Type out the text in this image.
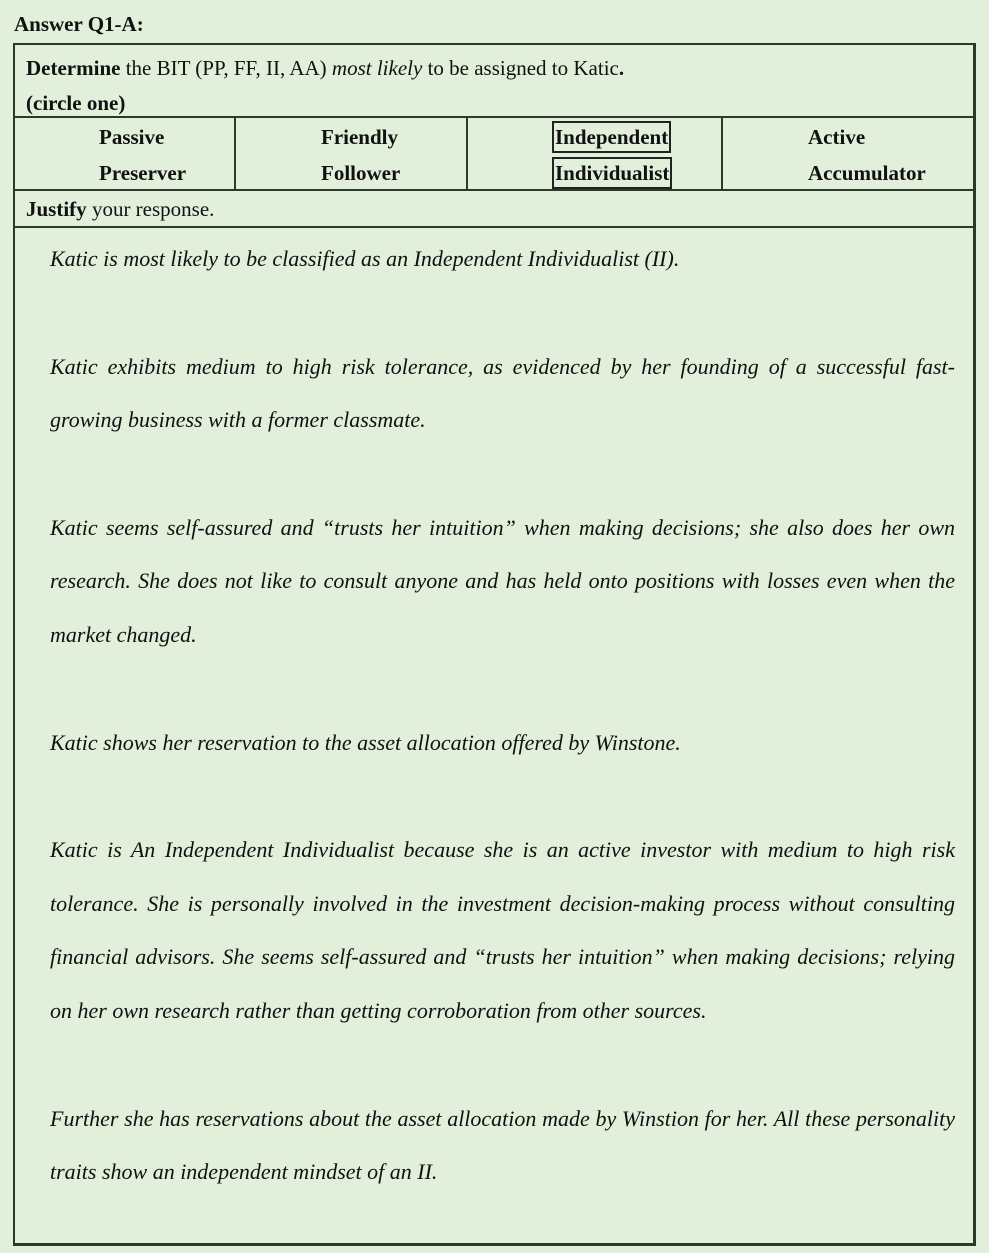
Answer Q1-A:
Determine the BIT (PP, FF, II, AA) most likely to be assigned to Katic.
(circle one)
Passive
Preserver
Friendly
Follower
Independent
Individualist
Active
Accumulator
Justify your response.

Katic is most likely to be classified as an Independent Individualist (II).

Katic exhibits medium to high risk tolerance, as evidenced by her founding of a successful fast-growing business with a former classmate.

Katic seems self-assured and “trusts her intuition” when making decisions; she also does her own research. She does not like to consult anyone and has held onto positions with losses even when the market changed.

Katic shows her reservation to the asset allocation offered by Winstone.

Katic is An Independent Individualist because she is an active investor with medium to high risk tolerance. She is personally involved in the investment decision-making process without consulting financial advisors. She seems self-assured and “trusts her intuition” when making decisions; relying on her own research rather than getting corroboration from other sources.

Further she has reservations about the asset allocation made by Winstion for her. All these personality traits show an independent mindset of an II.
